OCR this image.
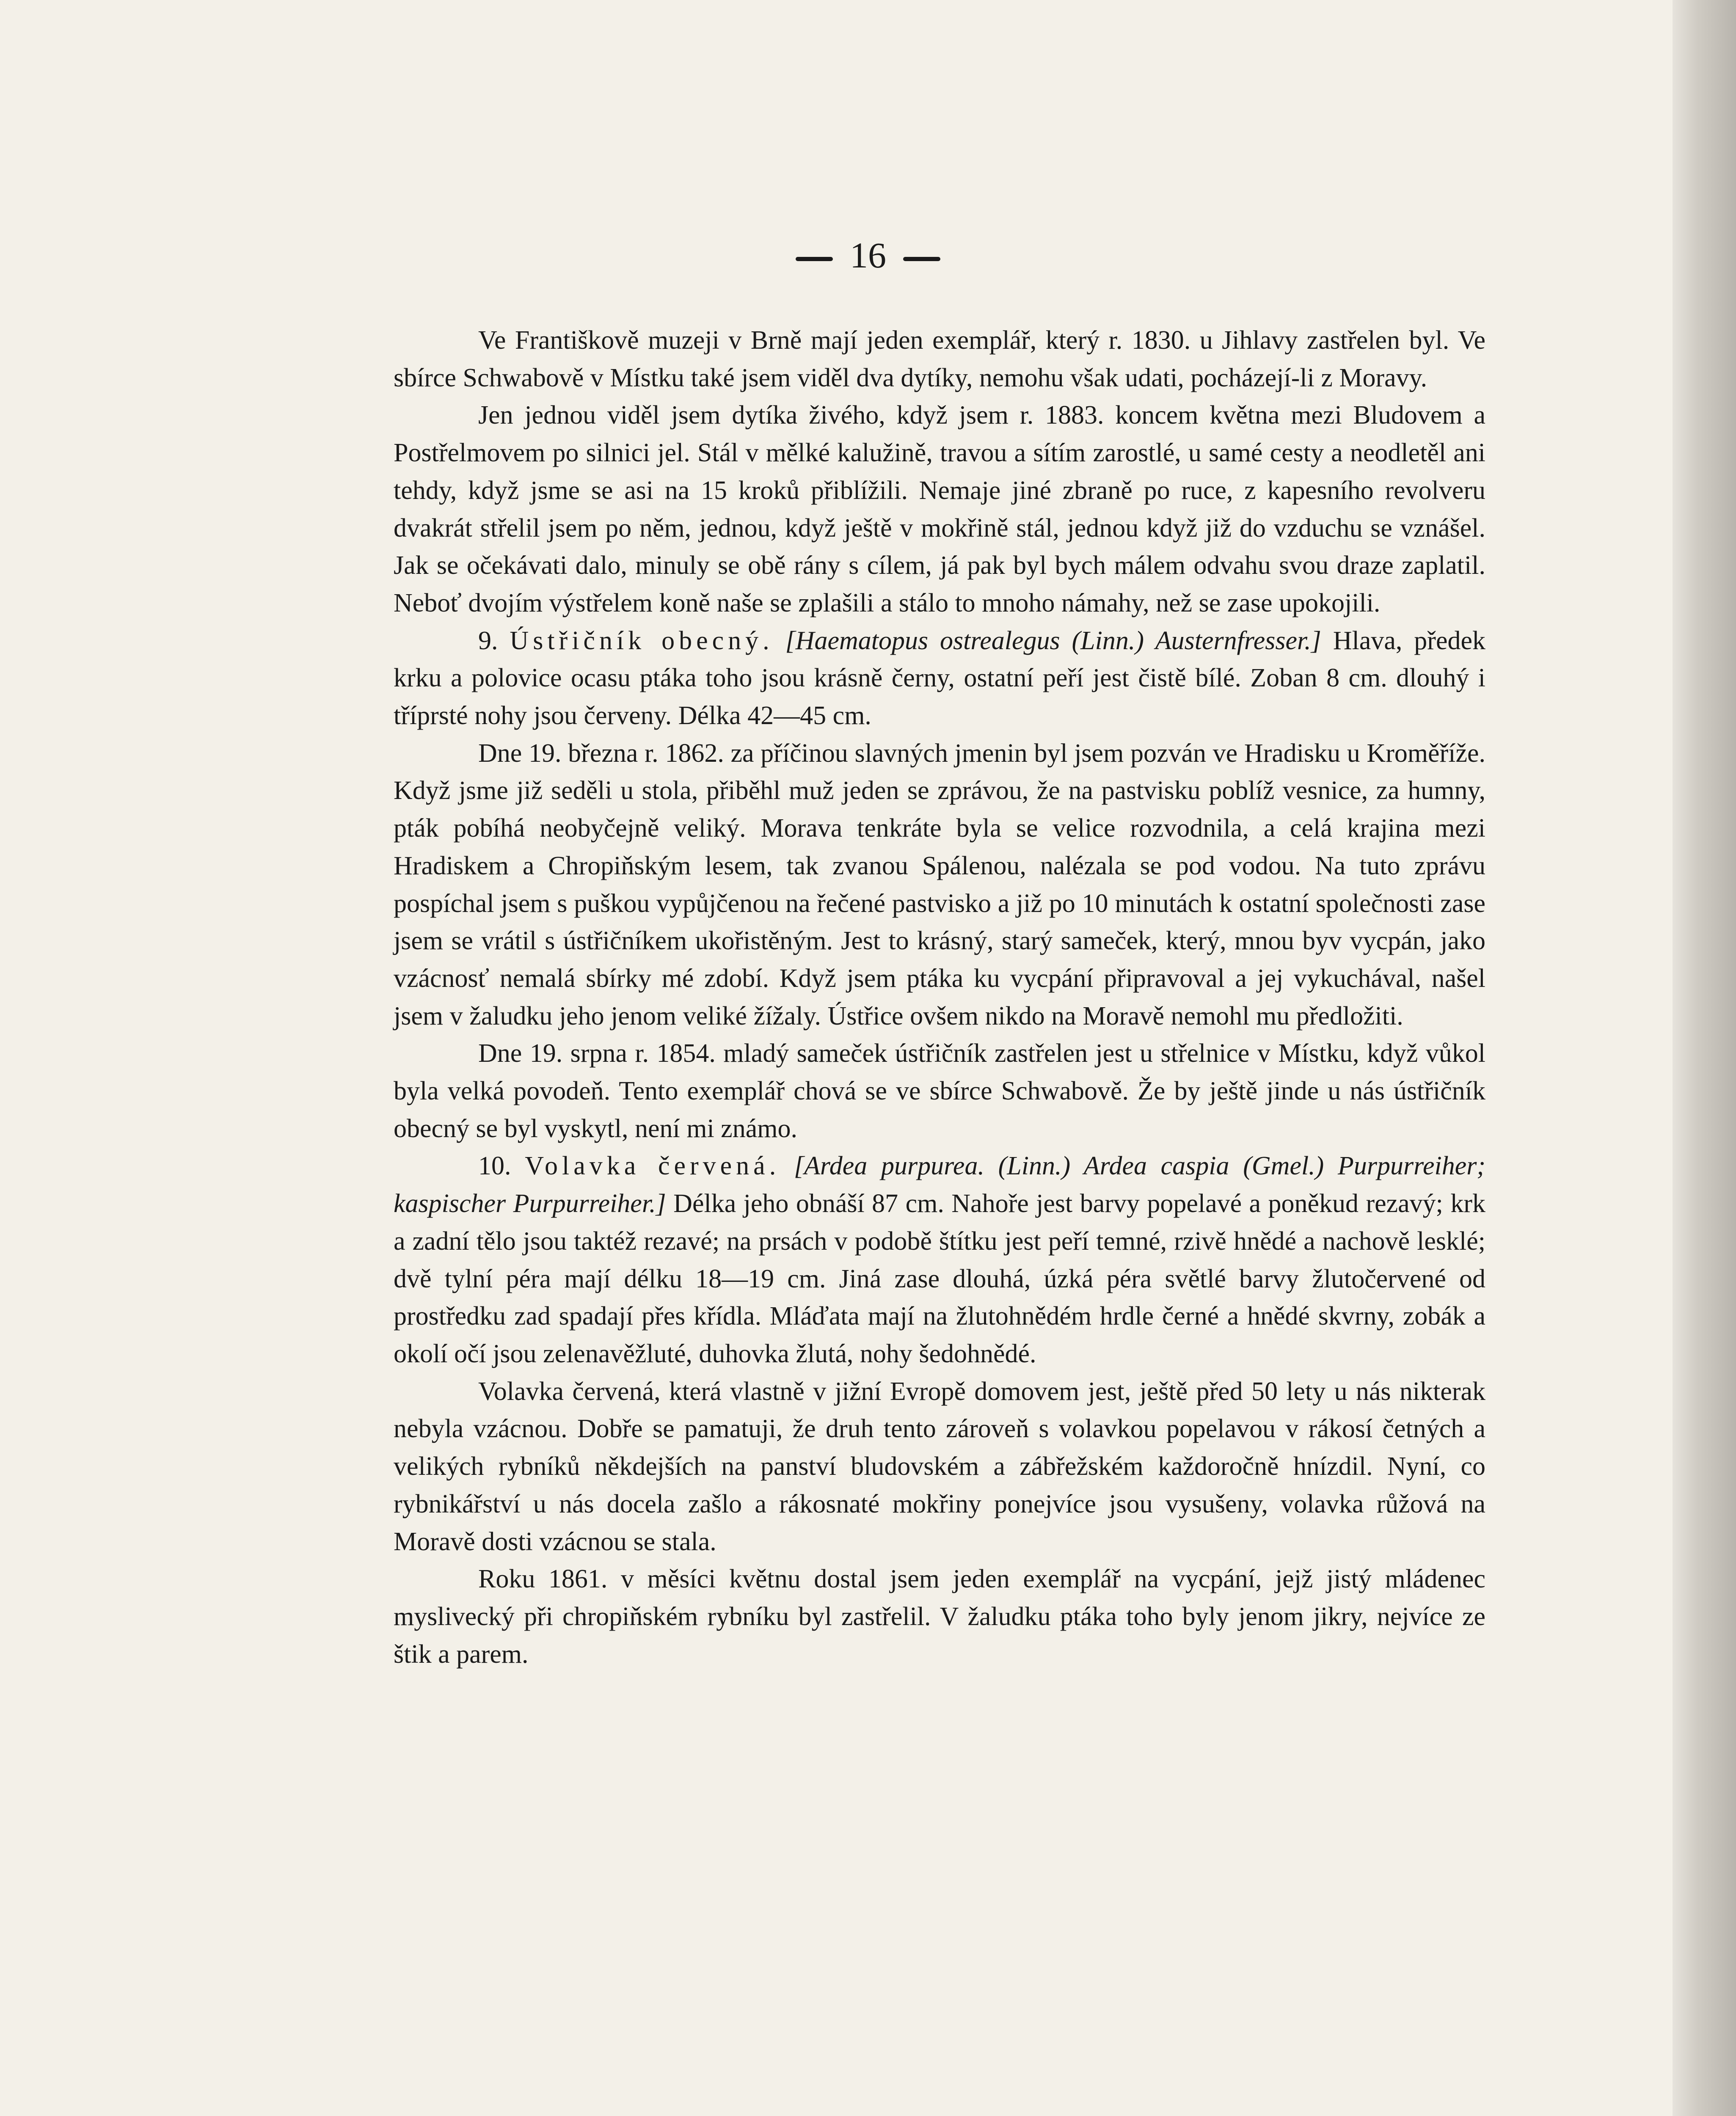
16

Ve Františkově muzeji v Brně mají jeden exemplář, který r. 1830. u Jihlavy zastřelen byl. Ve sbírce Schwabově v Místku také jsem viděl dva dytíky, nemohu však udati, pocházejí-li z Moravy.

Jen jednou viděl jsem dytíka živého, když jsem r. 1883. koncem května mezi Bludovem a Postřelmovem po silnici jel. Stál v mělké kalužině, travou a sítím zarostlé, u samé cesty a neodletěl ani tehdy, když jsme se asi na 15 kroků přiblížili. Nemaje jiné zbraně po ruce, z kapesního revolveru dvakrát střelil jsem po něm, jednou, když ještě v mokřině stál, jednou když již do vzduchu se vznášel. Jak se očekávati dalo, minuly se obě rány s cílem, já pak byl bych málem odvahu svou draze zaplatil. Neboť dvojím výstřelem koně naše se zplašili a stálo to mnoho námahy, než se zase upokojili.

9. Ústřičník obecný. [Haematopus ostrealegus (Linn.) Austernfresser.] Hlava, předek krku a polovice ocasu ptáka toho jsou krásně černy, ostatní peří jest čistě bílé. Zoban 8 cm. dlouhý i tříprsté nohy jsou červeny. Délka 42—45 cm.

Dne 19. března r. 1862. za příčinou slavných jmenin byl jsem pozván ve Hradisku u Kroměříže. Když jsme již seděli u stola, přiběhl muž jeden se zprávou, že na pastvisku poblíž vesnice, za humny, pták pobíhá neobyčejně veliký. Morava tenkráte byla se velice rozvodnila, a celá krajina mezi Hradiskem a Chropiňským lesem, tak zvanou Spálenou, nalézala se pod vodou. Na tuto zprávu pospíchal jsem s puškou vypůjčenou na řečené pastvisko a již po 10 minutách k ostatní společnosti zase jsem se vrátil s ústřičníkem ukořistěným. Jest to krásný, starý sameček, který, mnou byv vycpán, jako vzácnosť nemalá sbírky mé zdobí. Když jsem ptáka ku vycpání připravoval a jej vykuchával, našel jsem v žaludku jeho jenom veliké žížaly. Ústřice ovšem nikdo na Moravě nemohl mu předložiti.

Dne 19. srpna r. 1854. mladý sameček ústřičník zastřelen jest u střelnice v Místku, když vůkol byla velká povodeň. Tento exemplář chová se ve sbírce Schwabově. Že by ještě jinde u nás ústřičník obecný se byl vyskytl, není mi známo.

10. Volavka červená. [Ardea purpurea. (Linn.) Ardea caspia (Gmel.) Purpurreiher; kaspischer Purpurreiher.] Délka jeho obnáší 87 cm. Nahoře jest barvy popelavé a poněkud rezavý; krk a zadní tělo jsou taktéž rezavé; na prsách v podobě štítku jest peří temné, rzivě hnědé a nachově lesklé; dvě tylní péra mají délku 18—19 cm. Jiná zase dlouhá, úzká péra světlé barvy žlutočervené od prostředku zad spadají přes křídla. Mláďata mají na žlutohnědém hrdle černé a hnědé skvrny, zobák a okolí očí jsou zelenavěžluté, duhovka žlutá, nohy šedohnědé.

Volavka červená, která vlastně v jižní Evropě domovem jest, ještě před 50 lety u nás nikterak nebyla vzácnou. Dobře se pamatuji, že druh tento zároveň s volavkou popelavou v rákosí četných a velikých rybníků někdejších na panství bludovském a zábřežském každoročně hnízdil. Nyní, co rybnikářství u nás docela zašlo a rákosnaté mokřiny ponejvíce jsou vysušeny, volavka růžová na Moravě dosti vzácnou se stala.

Roku 1861. v měsíci květnu dostal jsem jeden exemplář na vycpání, jejž jistý mládenec myslivecký při chropiňském rybníku byl zastřelil. V žaludku ptáka toho byly jenom jikry, nejvíce ze štik a parem.
